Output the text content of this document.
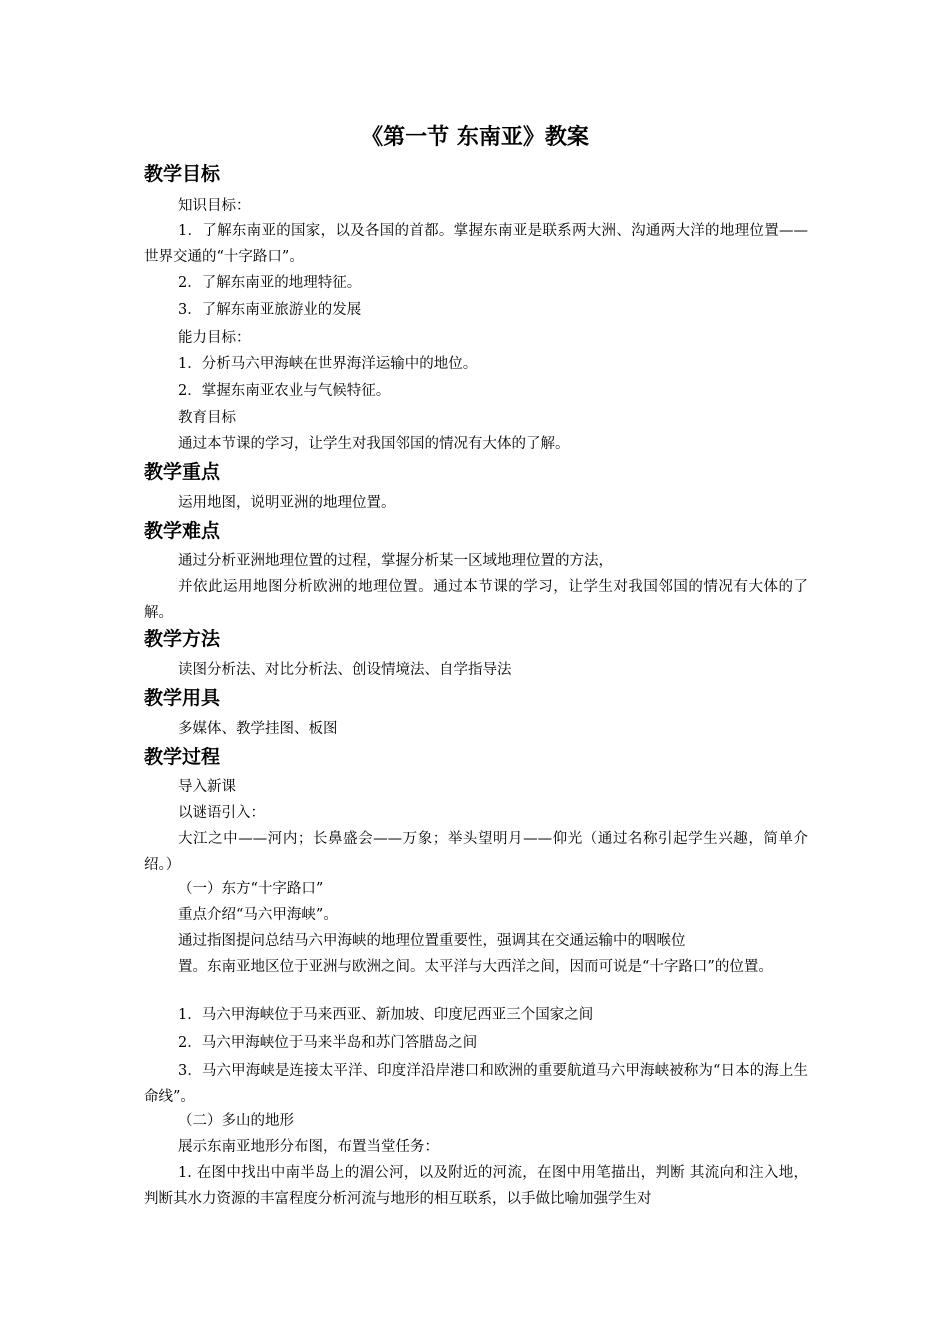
《第一节 东南亚》教案
教学目标
知识目标：
1．了解东南亚的国家，以及各国的首都。掌握东南亚是联系两大洲、沟通两大洋的地理位置——世界交通的“十字路口”。
2．了解东南亚的地理特征。
3．了解东南亚旅游业的发展
能力目标：
1．分析马六甲海峡在世界海洋运输中的地位。
2．掌握东南亚农业与气候特征。
教育目标
通过本节课的学习，让学生对我国邻国的情况有大体的了解。
教学重点
运用地图，说明亚洲的地理位置。
教学难点
通过分析亚洲地理位置的过程，掌握分析某一区域地理位置的方法，
并依此运用地图分析欧洲的地理位置。通过本节课的学习，让学生对我国邻国的情况有大体的了解。
教学方法
读图分析法、对比分析法、创设情境法、自学指导法
教学用具
多媒体、教学挂图、板图
教学过程
导入新课
以谜语引入：
大江之中——河内；长鼻盛会——万象；举头望明月——仰光（通过名称引起学生兴趣，简单介绍。）
（一）东方“十字路口”
重点介绍“马六甲海峡”。
通过指图提问总结马六甲海峡的地理位置重要性，强调其在交通运输中的咽喉位
置。东南亚地区位于亚洲与欧洲之间。太平洋与大西洋之间，因而可说是“十字路口”的位置。
1．马六甲海峡位于马来西亚、新加坡、印度尼西亚三个国家之间
2．马六甲海峡位于马来半岛和苏门答腊岛之间
3．马六甲海峡是连接太平洋、印度洋沿岸港口和欧洲的重要航道马六甲海峡被称为“日本的海上生命线”。
（二）多山的地形
展示东南亚地形分布图，布置当堂任务：
1. 在图中找出中南半岛上的湄公河，以及附近的河流，在图中用笔描出，判断 其流向和注入地，判断其水力资源的丰富程度分析河流与地形的相互联系，以手做比喻加强学生对
